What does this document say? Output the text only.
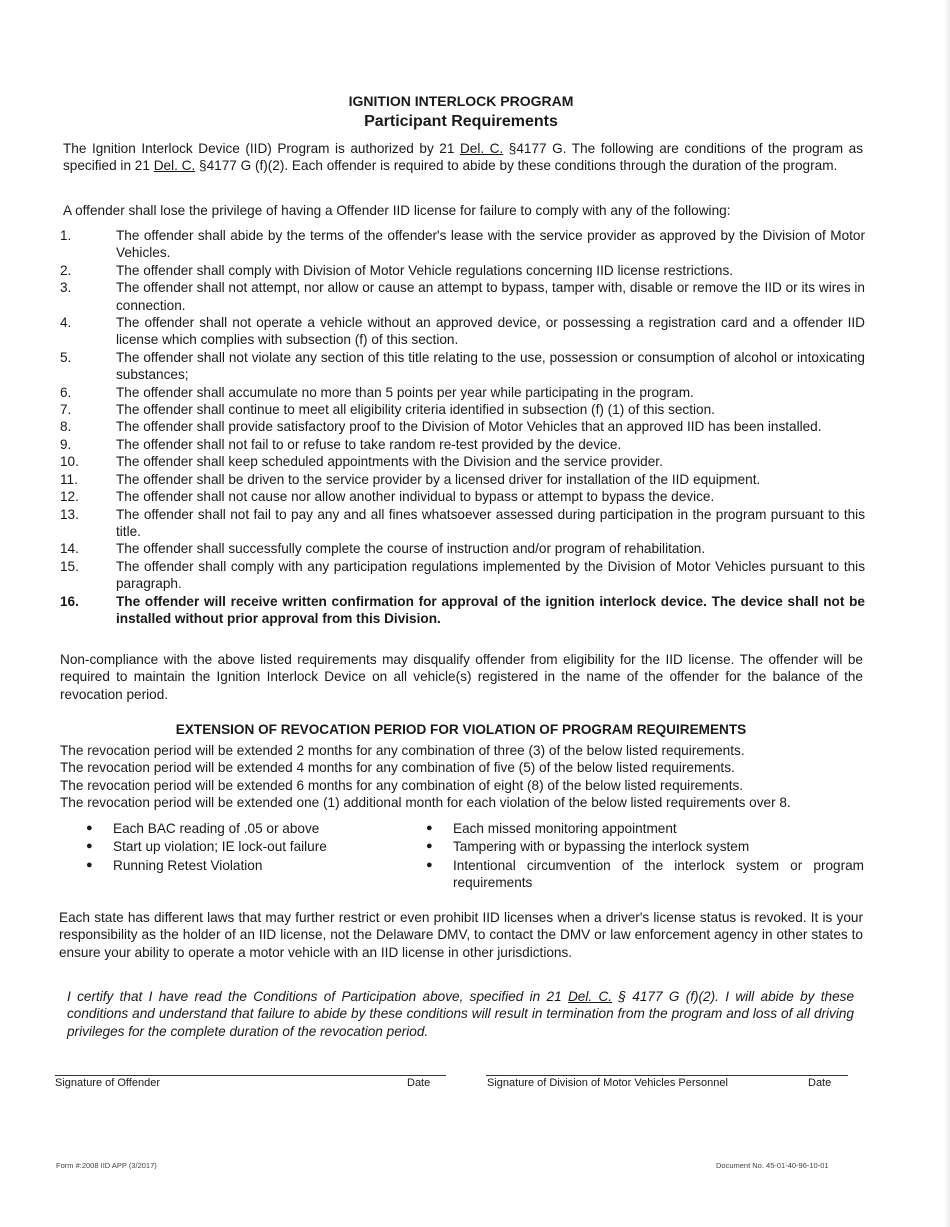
IGNITION INTERLOCK PROGRAM
Participant Requirements
The Ignition Interlock Device (IID) Program is authorized by 21 Del. C. §4177 G. The following are conditions of the program as specified in 21 Del. C. §4177 G (f)(2). Each offender is required to abide by these conditions through the duration of the program.
A offender shall lose the privilege of having a Offender IID license for failure to comply with any of the following:
1.	The offender shall abide by the terms of the offender's lease with the service provider as approved by the Division of Motor Vehicles.
2.	The offender shall comply with Division of Motor Vehicle regulations concerning IID license restrictions.
3.	The offender shall not attempt, nor allow or cause an attempt to bypass, tamper with, disable or remove the IID or its wires in connection.
4.	The offender shall not operate a vehicle without an approved device, or possessing a registration card and a offender IID license which complies with subsection (f) of this section.
5.	The offender shall not violate any section of this title relating to the use, possession or consumption of alcohol or intoxicating substances;
6.	The offender shall accumulate no more than 5 points per year while participating in the program.
7.	The offender shall continue to meet all eligibility criteria identified in subsection (f) (1) of this section.
8.	The offender shall provide satisfactory proof to the Division of Motor Vehicles that an approved IID has been installed.
9.	The offender shall not fail to or refuse to take random re-test provided by the device.
10.	The offender shall keep scheduled appointments with the Division and the service provider.
11.	The offender shall be driven to the service provider by a licensed driver for installation of the IID equipment.
12.	The offender shall not cause nor allow another individual to bypass or attempt to bypass the device.
13.	The offender shall not fail to pay any and all fines whatsoever assessed during participation in the program pursuant to this title.
14.	The offender shall successfully complete the course of instruction and/or program of rehabilitation.
15.	The offender shall comply with any participation regulations implemented by the Division of Motor Vehicles pursuant to this paragraph.
16.	The offender will receive written confirmation for approval of the ignition interlock device. The device shall not be installed without prior approval from this Division.
Non-compliance with the above listed requirements may disqualify offender from eligibility for the IID license. The offender will be required to maintain the Ignition Interlock Device on all vehicle(s) registered in the name of the offender for the balance of the revocation period.
EXTENSION OF REVOCATION PERIOD FOR VIOLATION OF PROGRAM REQUIREMENTS
The revocation period will be extended 2 months for any combination of three (3) of the below listed requirements.
The revocation period will be extended 4 months for any combination of five (5) of the below listed requirements.
The revocation period will be extended 6 months for any combination of eight (8) of the below listed requirements.
The revocation period will be extended one (1) additional month for each violation of the below listed requirements over 8.
●	Each BAC reading of .05 or above
●	Start up violation; IE lock-out failure
●	Running Retest Violation
●	Each missed monitoring appointment
●	Tampering with or bypassing the interlock system
●	Intentional circumvention of the interlock system or program requirements
Each state has different laws that may further restrict or even prohibit IID licenses when a driver's license status is revoked. It is your responsibility as the holder of an IID license, not the Delaware DMV, to contact the DMV or law enforcement agency in other states to ensure your ability to operate a motor vehicle with an IID license in other jurisdictions.
I certify that I have read the Conditions of Participation above, specified in 21 Del. C. § 4177 G (f)(2). I will abide by these conditions and understand that failure to abide by these conditions will result in termination from the program and loss of all driving privileges for the complete duration of the revocation period.
Signature of Offender	Date	Signature of Division of Motor Vehicles Personnel	Date
Form #:2008 IID APP (3/2017)	Document No. 45-01-40-96-10-01
